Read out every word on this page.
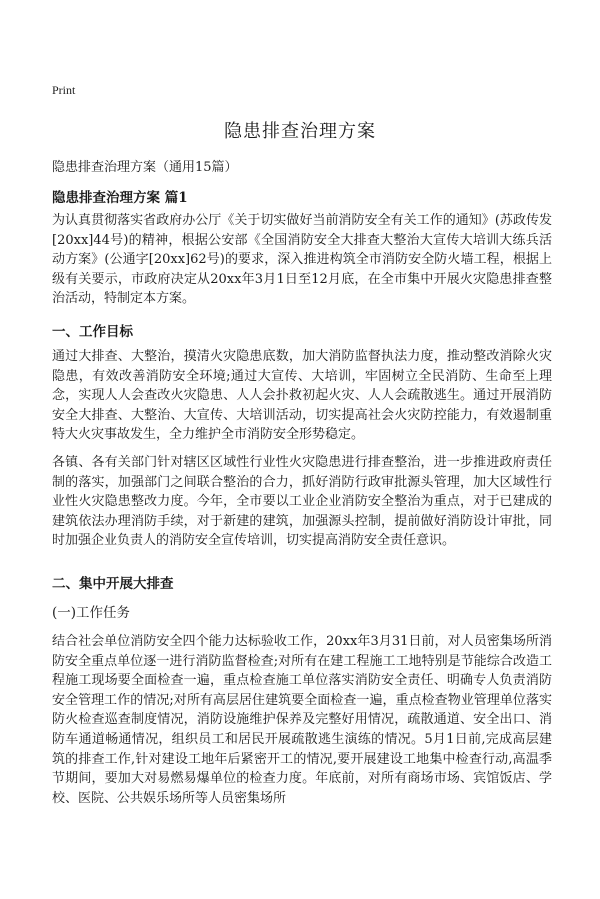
Print
隐患排查治理方案
隐患排查治理方案（通用15篇）
隐患排查治理方案 篇1

为认真贯彻落实省政府办公厅《关于切实做好当前消防安全有关工作的通知》(苏政传发[20xx]44号)的精神，根据公安部《全国消防安全大排查大整治大宣传大培训大练兵活动方案》(公通字[20xx]62号)的要求，深入推进构筑全市消防安全防火墙工程，根据上级有关要示，市政府决定从20xx年3月1日至12月底，在全市集中开展火灾隐患排查整治活动，特制定本方案。

一、工作目标

通过大排查、大整治，摸清火灾隐患底数，加大消防监督执法力度，推动整改消除火灾隐患，有效改善消防安全环境;通过大宣传、大培训，牢固树立全民消防、生命至上理念，实现人人会查改火灾隐患、人人会扑救初起火灾、人人会疏散逃生。通过开展消防安全大排查、大整治、大宣传、大培训活动，切实提高社会火灾防控能力，有效遏制重特大火灾事故发生，全力维护全市消防安全形势稳定。

各镇、各有关部门针对辖区区域性行业性火灾隐患进行排查整治，进一步推进政府责任制的落实，加强部门之间联合整治的合力，抓好消防行政审批源头管理，加大区域性行业性火灾隐患整改力度。今年，全市要以工业企业消防安全整治为重点，对于已建成的建筑依法办理消防手续，对于新建的建筑，加强源头控制，提前做好消防设计审批，同时加强企业负责人的消防安全宣传培训，切实提高消防安全责任意识。

二、集中开展大排查
(一)工作任务

结合社会单位消防安全四个能力达标验收工作，20xx年3月31日前，对人员密集场所消防安全重点单位逐一进行消防监督检查;对所有在建工程施工工地特别是节能综合改造工程施工现场要全面检查一遍，重点检查施工单位落实消防安全责任、明确专人负责消防安全管理工作的情况;对所有高层居住建筑要全面检查一遍，重点检查物业管理单位落实防火检查巡查制度情况，消防设施维护保养及完整好用情况，疏散通道、安全出口、消防车通道畅通情况，组织员工和居民开展疏散逃生演练的情况。5月1日前,完成高层建筑的排查工作,针对建设工地年后紧密开工的情况,要开展建设工地集中检查行动,高温季节期间，要加大对易燃易爆单位的检查力度。年底前，对所有商场市场、宾馆饭店、学校、医院、公共娱乐场所等人员密集场所
